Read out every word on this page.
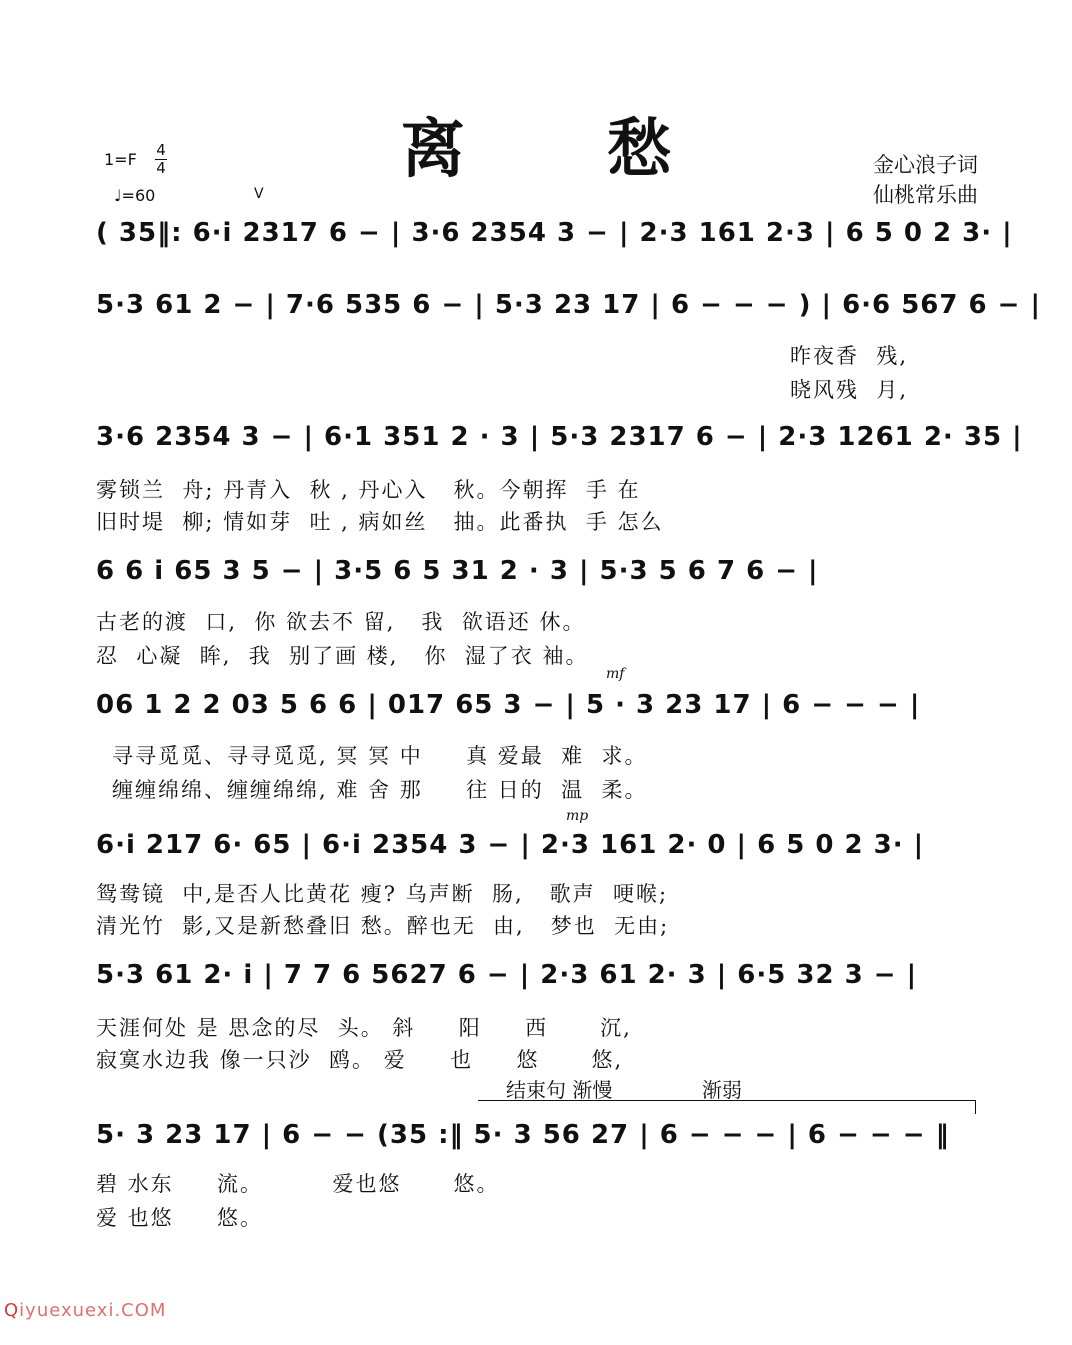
离 愁	金心浪子词
仙桃常乐曲
1=F 4
4
♩=60	V
( 35‖: 6·i 2317 6 − | 3·6 2354 3 − | 2·3 161 2·3 | 6 5 0 2 3· |
5·3 61 2 − | 7·6 535 6 − | 5·3 23 17 | 6 − − − ) | 6·6 567 6 − |
昨夜香  残,
晓风残  月,
3·6 2354 3 − | 6·1 351 2 · 3 | 5·3 2317 6 − | 2·3 1261 2· 35 |
雾锁兰  舟; 丹青入  秋 , 丹心入   秋。今朝挥  手 在
旧时堤  柳; 情如芽  吐 , 病如丝   抽。此番执  手 怎么
6 6 i 65 3 5 − | 3·5 6 5 31 2 · 3 | 5·3 5 6 7 6 − |
古老的渡  口,  你 欲去不 留,   我  欲语还 休。
忍  心凝  眸,  我  别了画 楼,   你  湿了衣 袖。
mf
06 1 2 2 03 5 6 6 | 017 65 3 − | 5 · 3 23 17 | 6 − − − |
寻寻觅觅、寻寻觅觅, 冥 冥 中     真 爱最  难  求。
缠缠绵绵、缠缠绵绵, 难 舍 那     往 日的  温  柔。
mp
6·i 217 6· 65 | 6·i 2354 3 − | 2·3 161 2· 0 | 6 5 0 2 3· |
鸳鸯镜  中,是否人比黄花 瘦? 乌声断  肠,   歌声  哽喉;
清光竹  影,又是新愁叠旧 愁。醉也无  由,   梦也  无由;
5·3 61 2· i | 7 7 6 5627 6 − | 2·3 61 2· 3 | 6·5 32 3 − |
天涯何处 是 思念的尽  头。 斜     阳     西      沉,
寂寞水边我 像一只沙  鸥。 爱     也     悠      悠,
结束句 渐慢	渐弱
5· 3 23 17 | 6 − − (35 :‖ 5· 3 56 27 | 6 − − − | 6 − − − ‖
碧 水东     流。        爱也悠      悠。
爱 也悠     悠。
Qiyuexuexi.COM
